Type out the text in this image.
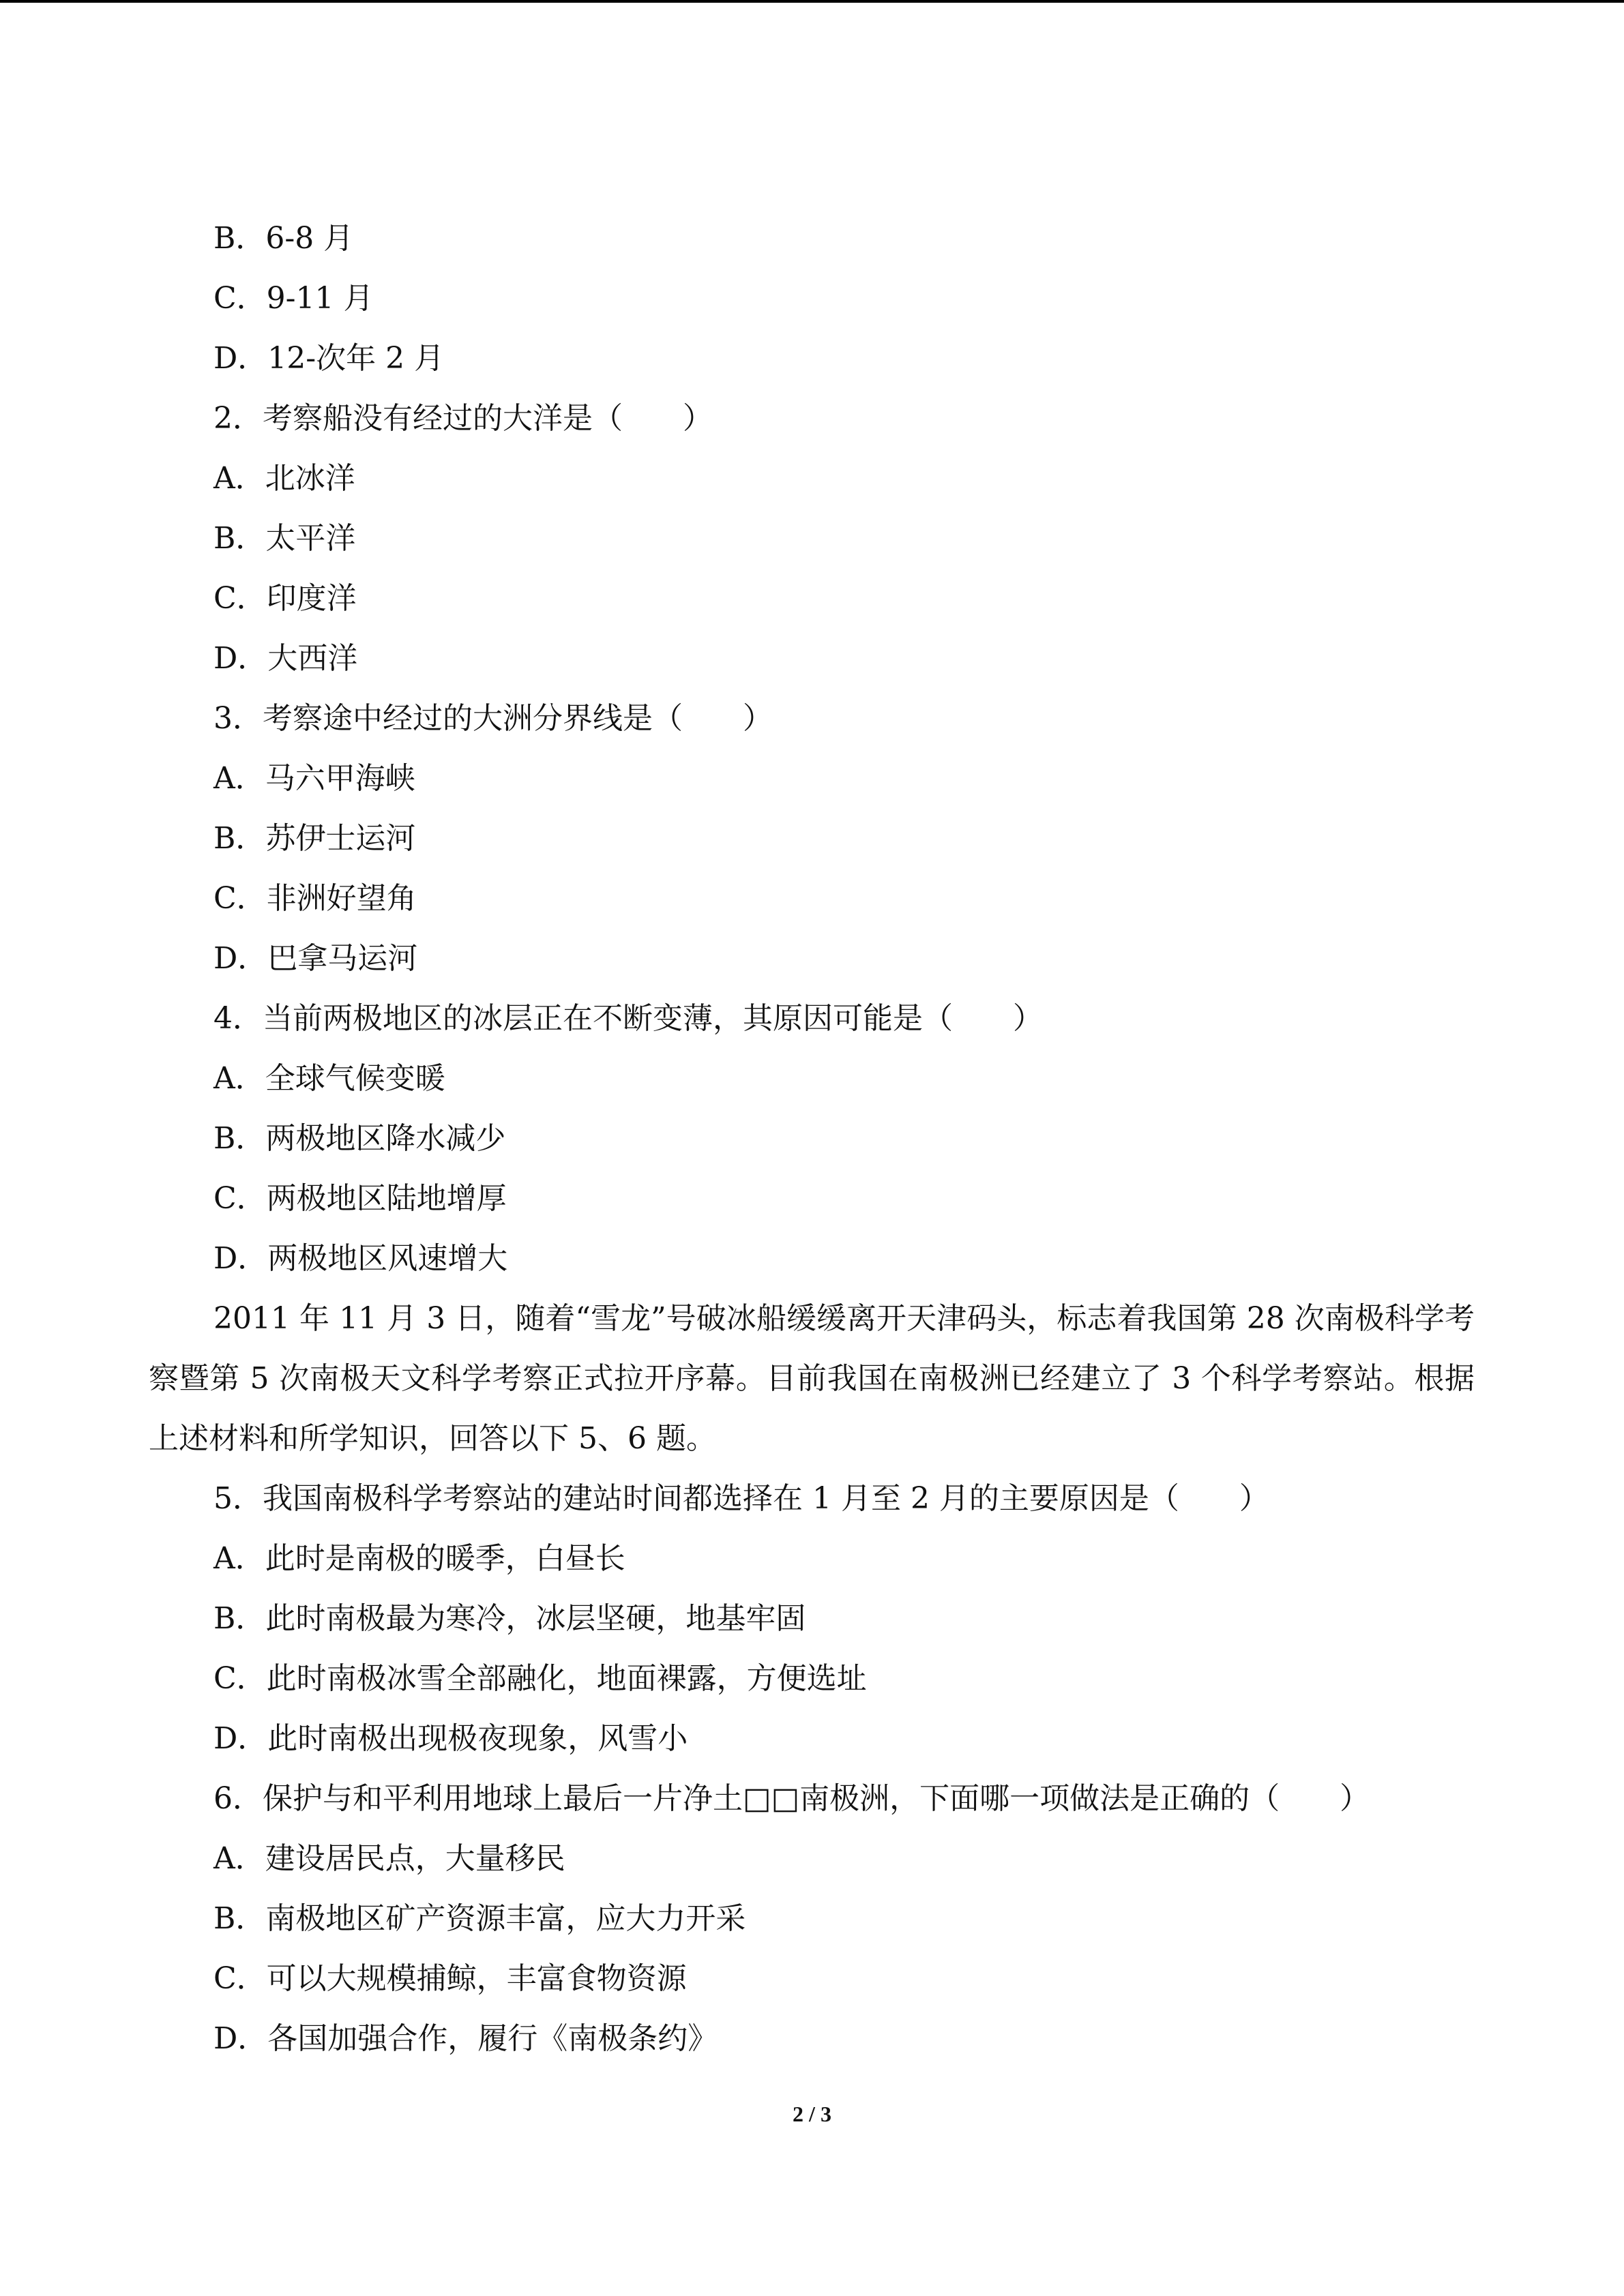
B．6-8 月
C．9-11 月
D．12-次年 2 月
2．考察船没有经过的大洋是（　　）
A．北冰洋
B．太平洋
C．印度洋
D．大西洋
3．考察途中经过的大洲分界线是（　　）
A．马六甲海峡
B．苏伊士运河
C．非洲好望角
D．巴拿马运河
4．当前两极地区的冰层正在不断变薄，其原因可能是（　　）
A．全球气候变暖
B．两极地区降水减少
C．两极地区陆地增厚
D．两极地区风速增大

2011 年 11 月 3 日，随着“雪龙”号破冰船缓缓离开天津码头，标志着我国第 28 次南极科学考察暨第 5 次南极天文科学考察正式拉开序幕。目前我国在南极洲已经建立了 3 个科学考察站。根据上述材料和所学知识，回答以下 5、6 题。

5．我国南极科学考察站的建站时间都选择在 1 月至 2 月的主要原因是（　　）
A．此时是南极的暖季，白昼长
B．此时南极最为寒冷，冰层坚硬，地基牢固
C．此时南极冰雪全部融化，地面裸露，方便选址
D．此时南极出现极夜现象，风雪小
6．保护与和平利用地球上最后一片净土□□南极洲，下面哪一项做法是正确的（　　）
A．建设居民点，大量移民
B．南极地区矿产资源丰富，应大力开采
C．可以大规模捕鲸，丰富食物资源
D．各国加强合作，履行《南极条约》
2 / 3
